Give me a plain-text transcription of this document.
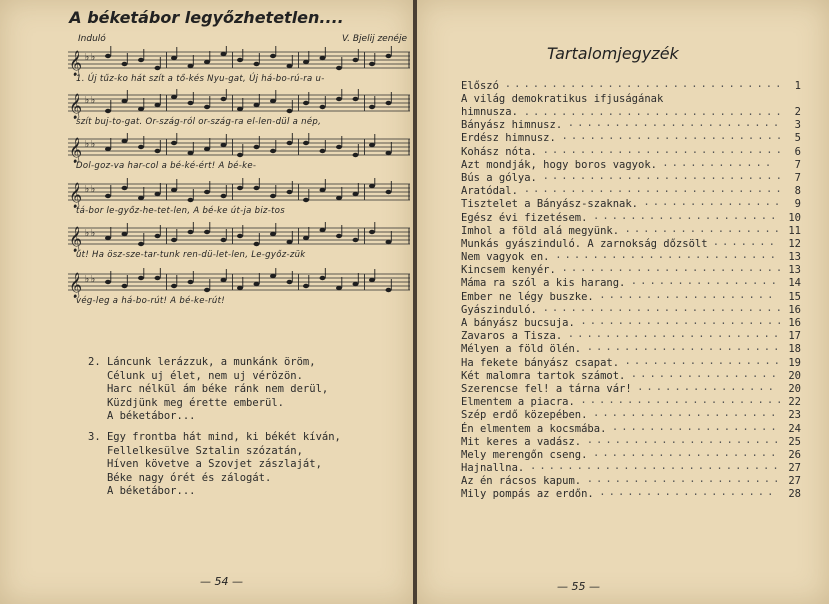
A béketábor legyőzhetetlen....
Induló	V. Bjelij zenéje
𝄞 ♭♭
1. Új tűz-ko hát szít a tő-kés Nyu-gat, Új há-bo-rú-ra u-
𝄞 ♭♭
szít buj-to-gat. Or-szág-ról or-szág-ra el-len-dül a nép,
𝄞 ♭♭
Dol-goz-va har-col a bé-ké-ért! A bé-ke-
𝄞 ♭♭
tá-bor le-győz-he-tet-len, A bé-ke út-ja biz-tos
𝄞 ♭♭
út! Ha ösz-sze-tar-tunk ren-dü-let-len, Le-győz-zük
𝄞 ♭♭
vég-leg a há-bo-rút! A bé-ke-rút!
2. Láncunk lerázzuk, a munkánk öröm,
Célunk uj élet, nem uj vérözön.
Harc nélkül ám béke ránk nem derül,
Küzdjünk meg érette emberül.
A béketábor...
3. Egy frontba hát mind, ki békét kíván,
Fellelkesülve Sztalin szózatán,
Híven követve a Szovjet zászlaját,
Béke nagy órét és zálogát.
A béketábor...
— 54 —
Tartalomjegyzék
Előszó .............................. 1
A világ demokratikus ifjuságának
himnusza. ............................ 2
Bányász himnusz. ....................... 3
Erdész himnusz. ........................ 5
Kohász nóta. .......................... 6
Azt mondják, hogy boros vagyok. ............ 7
Bús a gólya. .......................... 7
Aratódal. ............................ 8
Tisztelet a Bányász-szaknak. ............... 9
Egész évi fizetésem. .................... 10
Imhol a föld alá megyünk. ................. 11
Munkás gyászinduló. A zarnokság dőzsölt ....... 12
Nem vagyok en. ........................ 13
Kincsem kenyér. ........................ 13
Máma ra szól a kis harang. ................ 14
Ember ne légy buszke. ................... 15
Gyászinduló. .......................... 16
A bányász bucsuja. ...................... 16
Zavaros a Tisza. ....................... 17
Mélyen a föld ölén. ..................... 18
Ha fekete bányász csapat. ................. 19
Két malomra tartok számot. ................ 20
Szerencse fel! a tárna vár! ............... 20
Elmentem a piacra. ...................... 22
Szép erdő közepében. .................... 23
Én elmentem a kocsmába. .................. 24
Mit keres a vadász. ..................... 25
Mely merengőn cseng. .................... 26
Hajnallna. ........................... 27
Az én rácsos kapum. ..................... 27
Mily pompás az erdőn. ................... 28
— 55 —
